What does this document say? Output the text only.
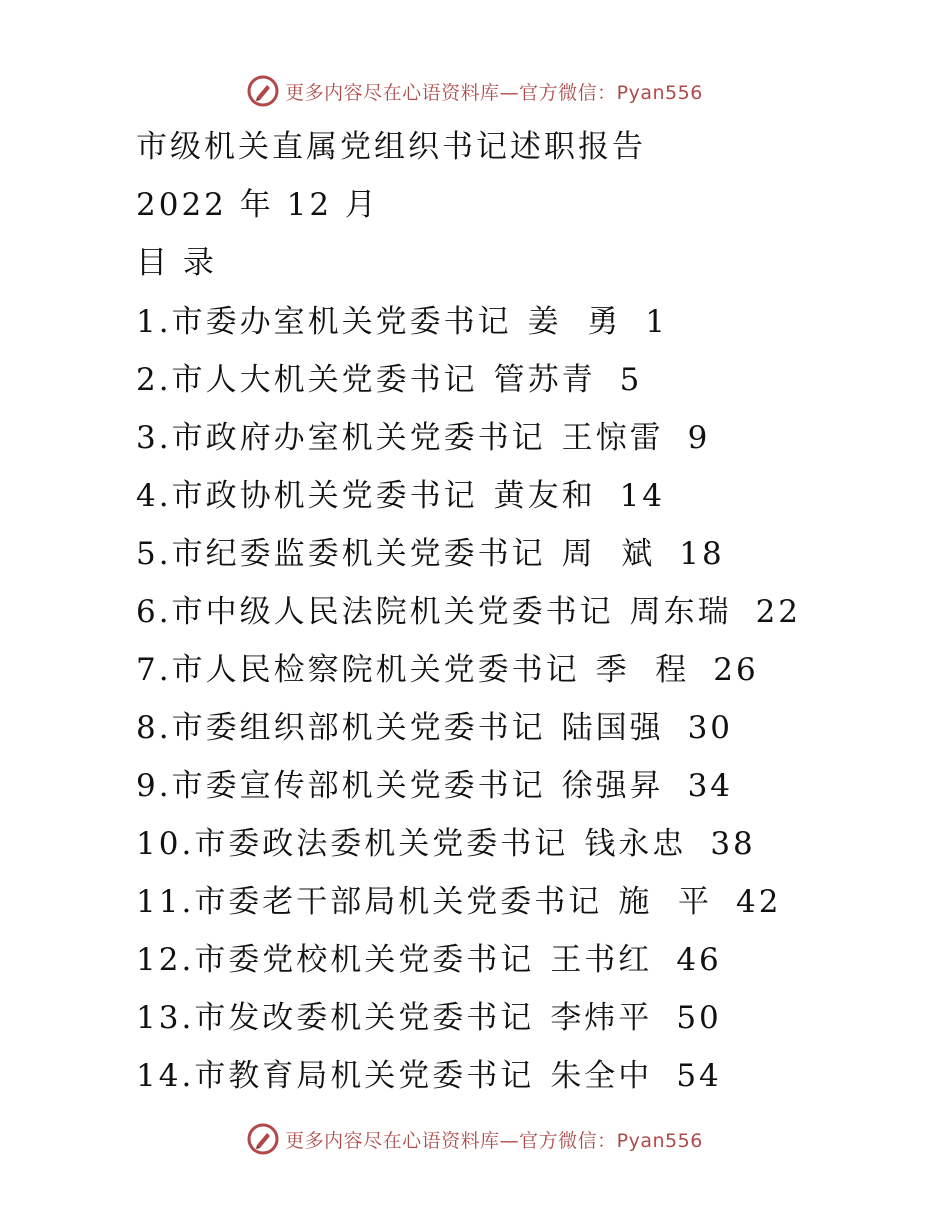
更多内容尽在心语资料库—官方微信：Pyan556
市级机关直属党组织书记述职报告
2022 年 12 月
目 录
1. 市委办室机关党委书记 姜  勇 1
2. 市人大机关党委书记 管苏青 5
3. 市政府办室机关党委书记 王惊雷 9
4. 市政协机关党委书记 黄友和 14
5. 市纪委监委机关党委书记 周  斌 18
6. 市中级人民法院机关党委书记 周东瑞 22
7. 市人民检察院机关党委书记 季  程 26
8. 市委组织部机关党委书记 陆国强 30
9. 市委宣传部机关党委书记 徐强昇 34
10. 市委政法委机关党委书记 钱永忠 38
11. 市委老干部局机关党委书记 施  平 42
12. 市委党校机关党委书记 王书红 46
13. 市发改委机关党委书记 李炜平 50
14. 市教育局机关党委书记 朱全中 54
更多内容尽在心语资料库—官方微信：Pyan556
